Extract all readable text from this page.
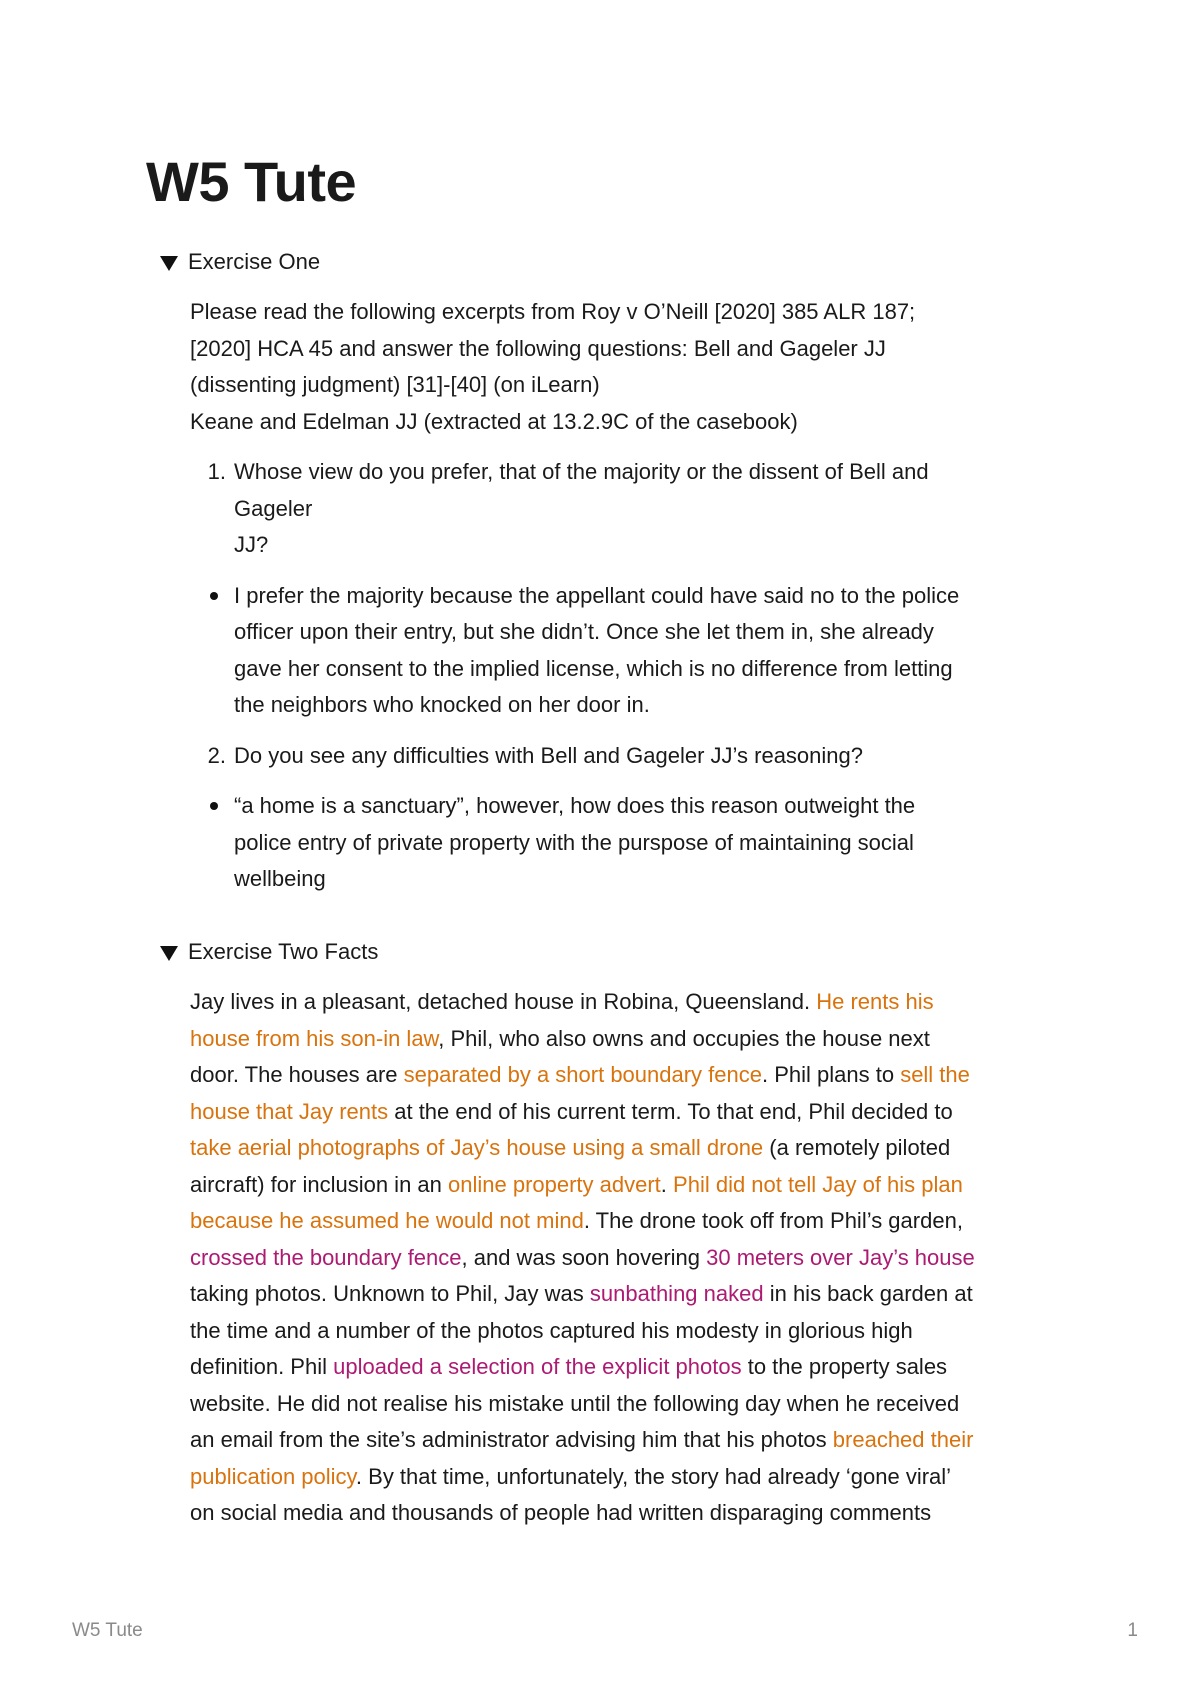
W5 Tute
Exercise One

Please read the following excerpts from Roy v O’Neill [2020] 385 ALR 187;
[2020] HCA 45 and answer the following questions: Bell and Gageler JJ
(dissenting judgment) [31]-[40] (on iLearn)
Keane and Edelman JJ (extracted at 13.2.9C of the casebook)

1. Whose view do you prefer, that of the majority or the dissent of Bell and
Gageler
JJ?
I prefer the majority because the appellant could have said no to the police
officer upon their entry, but she didn’t. Once she let them in, she already
gave her consent to the implied license, which is no difference from letting
the neighbors who knocked on her door in.
2. Do you see any difficulties with Bell and Gageler JJ’s reasoning?
“a home is a sanctuary”, however, how does this reason outweight the
police entry of private property with the purspose of maintaining social
wellbeing
Exercise Two Facts
Jay lives in a pleasant, detached house in Robina, Queensland. He rents his
house from his son-in law, Phil, who also owns and occupies the house next
door. The houses are separated by a short boundary fence. Phil plans to sell the
house that Jay rents at the end of his current term. To that end, Phil decided to
take aerial photographs of Jay’s house using a small drone (a remotely piloted
aircraft) for inclusion in an online property advert. Phil did not tell Jay of his plan
because he assumed he would not mind. The drone took off from Phil’s garden,
crossed the boundary fence, and was soon hovering 30 meters over Jay’s house
taking photos. Unknown to Phil, Jay was sunbathing naked in his back garden at
the time and a number of the photos captured his modesty in glorious high
definition. Phil uploaded a selection of the explicit photos to the property sales
website. He did not realise his mistake until the following day when he received
an email from the site’s administrator advising him that his photos breached their
publication policy. By that time, unfortunately, the story had already ‘gone viral’
on social media and thousands of people had written disparaging comments
W5 Tute	1
